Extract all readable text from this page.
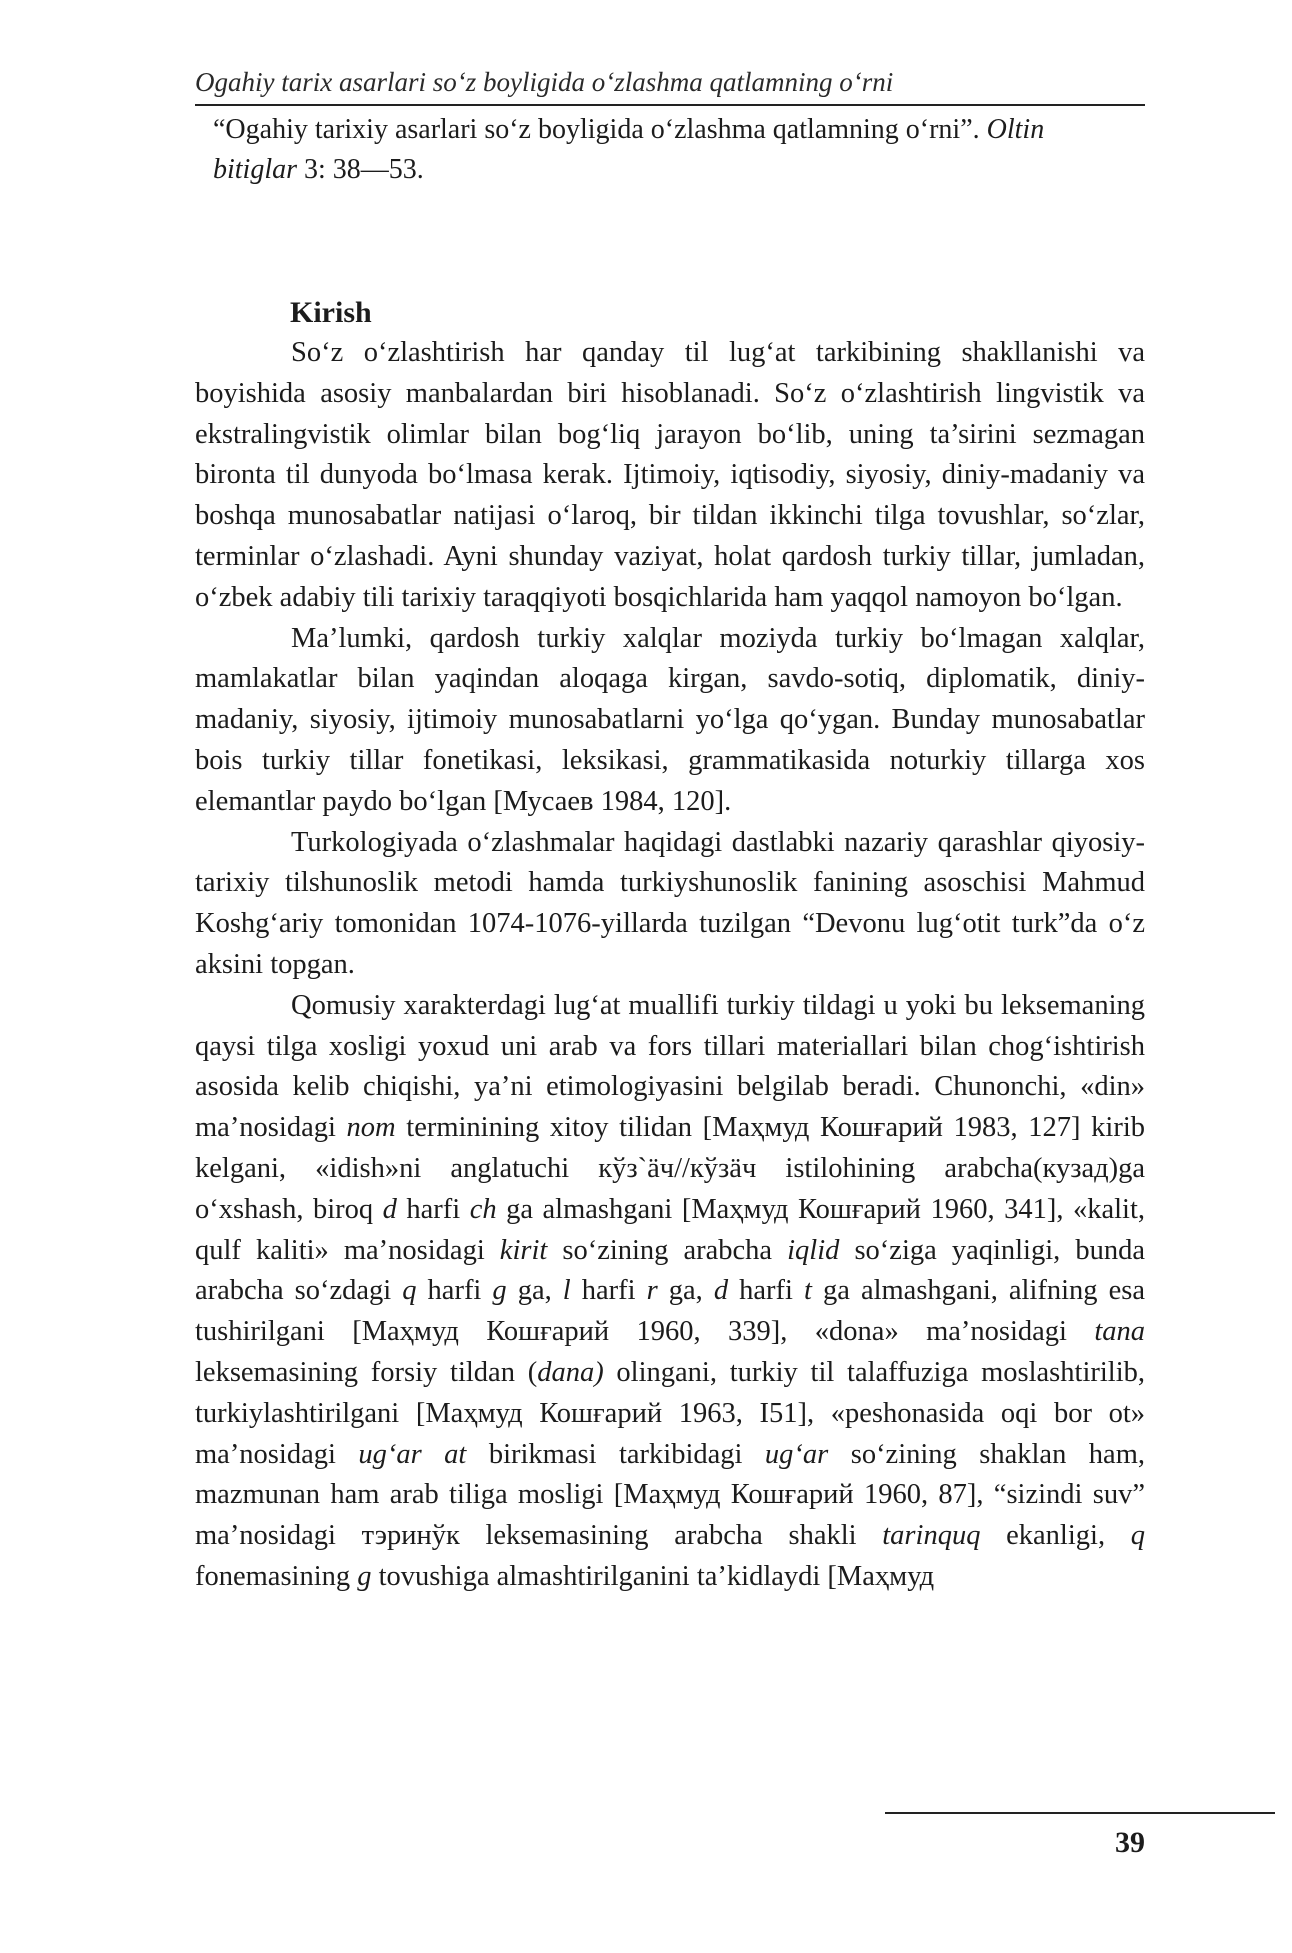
Ogahiy tarix asarlari so‘z boyligida o‘zlashma qatlamning o‘rni
“Ogahiy tarixiy asarlari so‘z boyligida o‘zlashma qatlamning o‘rni”. Oltin bitiglar 3: 38—53.
Kirish

So‘z o‘zlashtirish har qanday til lug‘at tarkibining shakllanishi va boyishida asosiy manbalardan biri hisoblanadi. So‘z o‘zlashtirish lingvistik va ekstralingvistik olimlar bilan bog‘liq jarayon bo‘lib, uning ta’sirini sezmagan bironta til dunyoda bo‘lmasa kerak. Ijtimoiy, iqtisodiy, siyosiy, diniy-madaniy va boshqa munosabatlar natijasi o‘laroq, bir tildan ikkinchi tilga tovushlar, so‘zlar, terminlar o‘zlashadi. Ayni shunday vaziyat, holat qardosh turkiy tillar, jumladan, o‘zbek adabiy tili tarixiy taraqqiyoti bosqichlarida ham yaqqol namoyon bo‘lgan.

Ma’lumki, qardosh turkiy xalqlar moziyda turkiy bo‘lmagan xalqlar, mamlakatlar bilan yaqindan aloqaga kirgan, savdo-sotiq, diplomatik, diniy-madaniy, siyosiy, ijtimoiy munosabatlarni yo‘lga qo‘ygan. Bunday munosabatlar bois turkiy tillar fonetikasi, leksikasi, grammatikasida noturkiy tillarga xos elemantlar paydo bo‘lgan [Мусаев 1984, 120].

Turkologiyada o‘zlashmalar haqidagi dastlabki nazariy qarashlar qiyosiy-tarixiy tilshunoslik metodi hamda turkiyshunoslik fanining asoschisi Mahmud Koshg‘ariy tomonidan 1074-1076-yillarda tuzilgan “Devonu lug‘otit turk”da o‘z aksini topgan.

Qomusiy xarakterdagi lug‘at muallifi turkiy tildagi u yoki bu leksemaning qaysi tilga xosligi yoxud uni arab va fors tillari materiallari bilan chog‘ishtirish asosida kelib chiqishi, ya’ni etimologiyasini belgilab beradi. Chunonchi, «din» ma’nosidagi nom terminining xitoy tilidan [Маҳмуд Кошғарий 1983, 127] kirib kelgani, «idish»ni anglatuchi кўз`ӓч//кўзӓч istilohining arabcha(кузад)ga o‘xshash, biroq d harfi ch ga almashgani [Маҳмуд Кошғарий 1960, 341], «kalit, qulf kaliti» ma’nosidagi kirit so‘zining arabcha iqlid so‘ziga yaqinligi, bunda arabcha so‘zdagi q harfi g ga, l harfi r ga, d harfi t ga almashgani, alifning esa tushirilgani [Маҳмуд Кошғарий 1960, 339], «dona» ma’nosidagi tana leksemasining forsiy tildan (dana) olingani, turkiy til talaffuziga moslashtirilib, turkiylashtirilgani [Маҳмуд Кошғарий 1963, I51], «peshonasida oqi bor ot» ma’nosidagi ug‘ar at birikmasi tarkibidagi ug‘ar so‘zining shaklan ham, mazmunan ham arab tiliga mosligi [Маҳмуд Кошғарий 1960, 87], “sizindi suv” ma’nosidagi тэринўк leksemasining arabcha shakli tarinquq ekanligi, q fonemasining g tovushiga almashtirilganini ta’kidlaydi [Маҳмуд

39
